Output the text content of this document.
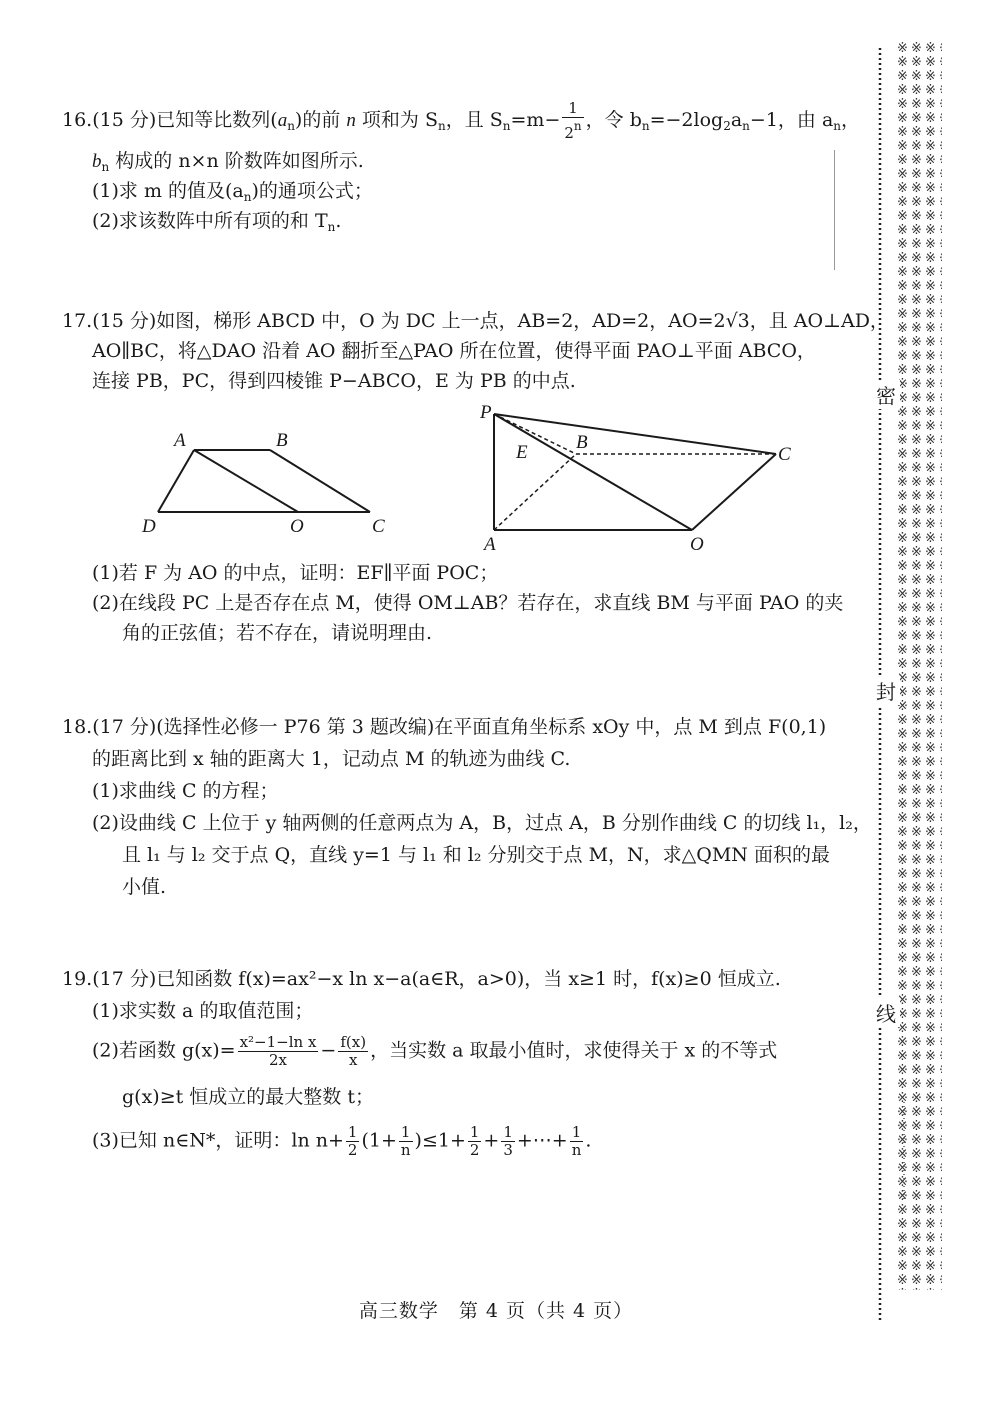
16.(15 分)已知等比数列$(a_n)$的前 n 项和为 $S_n$，且 $S_n=m- \frac{1}{2^n}$ ，令 $b_n=-2\log_2a_n-1$，由 $a_n$，
$b_n$ 构成的 n×n 阶数阵如图所示.
(1)求 m 的值及$(a_n)$的通项公式；
(2)求该数阵中所有项的和 $T_n$.
17.(15 分)如图，梯形 ABCD 中，O 为 DC 上一点，AB=2，AD=2，AO=2√3，且 AO⊥AD，
AO∥BC，将△DAO 沿着 AO 翻折至△PAO 所在位置，使得平面 PAO⊥平面 ABCO，
连接 PB，PC，得到四棱锥 P−ABCO，E 为 PB 的中点.
A	B
D	O	C
P
B
E	C
A	O
(1)若 F 为 AO 的中点，证明：EF∥平面 POC；
(2)在线段 PC 上是否存在点 M，使得 OM⊥AB？若存在，求直线 BM 与平面 PAO 的夹
角的正弦值；若不存在，请说明理由.
18.(17 分)(选择性必修一 P76 第 3 题改编)在平面直角坐标系 xOy 中，点 M 到点 F(0,1)
的距离比到 x 轴的距离大 1，记动点 M 的轨迹为曲线 C.
(1)求曲线 C 的方程；
(2)设曲线 C 上位于 y 轴两侧的任意两点为 A，B，过点 A，B 分别作曲线 C 的切线 l₁，l₂，
且 l₁ 与 l₂ 交于点 Q，直线 y=1 与 l₁ 和 l₂ 分别交于点 M，N，求△QMN 面积的最
小值.
19.(17 分)已知函数 f(x)=ax²−x ln x−a(a∈R，a>0)，当 x≥1 时，f(x)≥0 恒成立.
(1)求实数 a 的取值范围；
(2)若函数 $g(x)= \frac{\text{x²−1−ln x}}{2x} - \frac{f(x)}{x}$ ，当实数 a 取最小值时，求使得关于 x 的不等式
g(x)≥t 恒成立的最大整数 t；
(3)已知 n∈N*，证明：$\ln n+ \frac{1}{2} (1+ \frac{1}{n} )\le 1+ \frac{1}{2} + \frac{1}{3}$ +⋯+ $\frac{1}{n}$ .
高三数学　第 4 页（共 4 页）
密
封
线
